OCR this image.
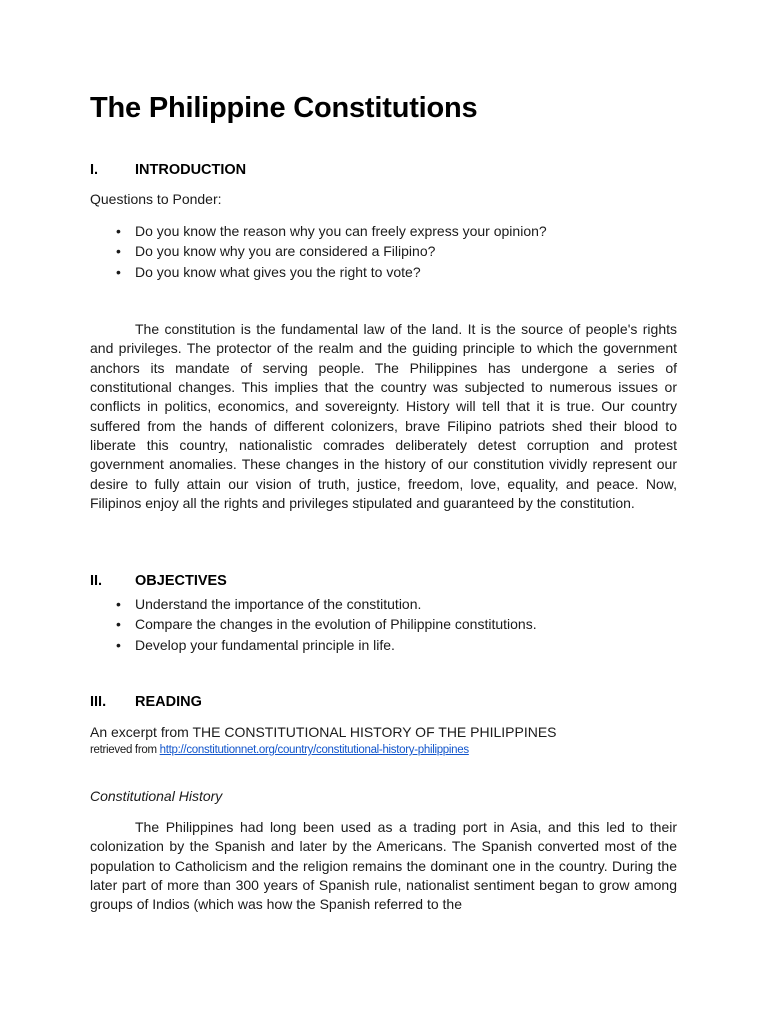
The Philippine Constitutions
I.	INTRODUCTION

Questions to Ponder:

• Do you know the reason why you can freely express your opinion?
• Do you know why you are considered a Filipino?
• Do you know what gives you the right to vote?

The constitution is the fundamental law of the land. It is the source of people's rights and privileges. The protector of the realm and the guiding principle to which the government anchors its mandate of serving people. The Philippines has undergone a series of constitutional changes. This implies that the country was subjected to numerous issues or conflicts in politics, economics, and sovereignty. History will tell that it is true. Our country suffered from the hands of different colonizers, brave Filipino patriots shed their blood to liberate this country, nationalistic comrades deliberately detest corruption and protest government anomalies. These changes in the history of our constitution vividly represent our desire to fully attain our vision of truth, justice, freedom, love, equality, and peace. Now, Filipinos enjoy all the rights and privileges stipulated and guaranteed by the constitution.

II. OBJECTIVES
• Understand the importance of the constitution.
• Compare the changes in the evolution of Philippine constitutions.
• Develop your fundamental principle in life.
III. READING

An excerpt from THE CONSTITUTIONAL HISTORY OF THE PHILIPPINES

retrieved from http://constitutionnet.org/country/constitutional-history-philippines

Constitutional History

The Philippines had long been used as a trading port in Asia, and this led to their colonization by the Spanish and later by the Americans. The Spanish converted most of the population to Catholicism and the religion remains the dominant one in the country. During the later part of more than 300 years of Spanish rule, nationalist sentiment began to grow among groups of Indios (which was how the Spanish referred to the
